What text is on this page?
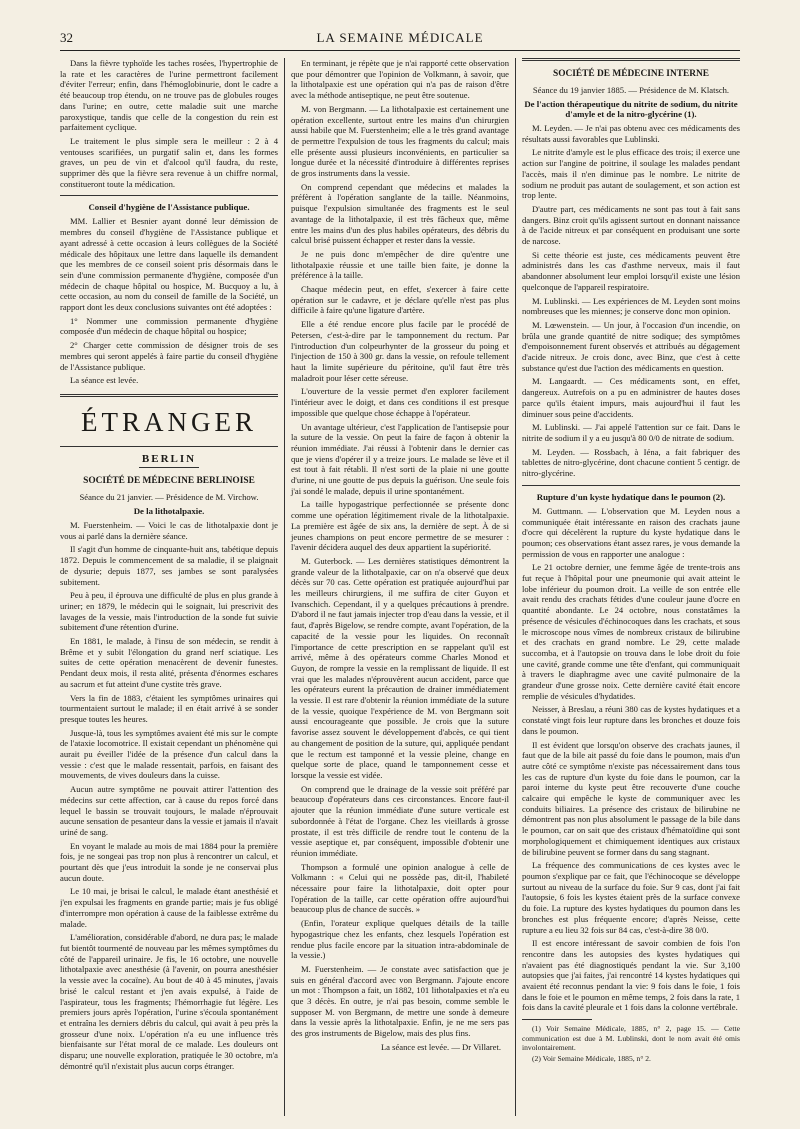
32	LA SEMAINE MÉDICALE

Dans la fièvre typhoïde les taches rosées, l'hypertrophie de la rate et les caractères de l'urine permettront facilement d'éviter l'erreur; enfin, dans l'hémoglobinurie, dont le cadre a été beaucoup trop étendu, on ne trouve pas de globules rouges dans l'urine; en outre, cette maladie suit une marche paroxystique, tandis que celle de la congestion du rein est parfaitement cyclique.

Le traitement le plus simple sera le meilleur : 2 à 4 ventouses scarifiées, un purgatif salin et, dans les formes graves, un peu de vin et d'alcool qu'il faudra, du reste, supprimer dès que la fièvre sera revenue à un chiffre normal, constitueront toute la médication.

Conseil d'hygiène de l'Assistance publique.

MM. Lallier et Besnier ayant donné leur démission de membres du conseil d'hygiène de l'Assistance publique et ayant adressé à cette occasion à leurs collègues de la Société médicale des hôpitaux une lettre dans laquelle ils demandent que les membres de ce conseil soient pris désormais dans le sein d'une commission permanente d'hygiène, composée d'un médecin de chaque hôpital ou hospice, M. Bucquoy a lu, à cette occasion, au nom du conseil de famille de la Société, un rapport dont les deux conclusions suivantes ont été adoptées :

1° Nommer une commission permanente d'hygiène composée d'un médecin de chaque hôpital ou hospice;

2° Charger cette commission de désigner trois de ses membres qui seront appelés à faire partie du conseil d'hygiène de l'Assistance publique.

La séance est levée.

ÉTRANGER
BERLIN
SOCIÉTÉ DE MÉDECINE BERLINOISE
Séance du 21 janvier. — Présidence de M. Virchow.
De la lithotalpaxie.

M. Fuerstenheim. — Voici le cas de lithotalpaxie dont je vous ai parlé dans la dernière séance.

Il s'agit d'un homme de cinquante-huit ans, tabétique depuis 1872. Depuis le commencement de sa maladie, il se plaignait de dysurie; depuis 1877, ses jambes se sont paralysées subitement.

Peu à peu, il éprouva une difficulté de plus en plus grande à uriner; en 1879, le médecin qui le soignait, lui prescrivit des lavages de la vessie, mais l'introduction de la sonde fut suivie subitement d'une rétention d'urine.

En 1881, le malade, à l'insu de son médecin, se rendit à Brême et y subit l'élongation du grand nerf sciatique. Les suites de cette opération menacèrent de devenir funestes. Pendant deux mois, il resta alité, présenta d'énormes eschares au sacrum et fut atteint d'une cystite très grave.

Vers la fin de 1883, c'étaient les symptômes urinaires qui tourmentaient surtout le malade; il en était arrivé à se sonder presque toutes les heures.

Jusque-là, tous les symptômes avaient été mis sur le compte de l'ataxie locomotrice. Il existait cependant un phénomène qui aurait pu éveiller l'idée de la présence d'un calcul dans la vessie : c'est que le malade ressentait, parfois, en faisant des mouvements, de vives douleurs dans la cuisse.

Aucun autre symptôme ne pouvait attirer l'attention des médecins sur cette affection, car à cause du repos forcé dans lequel le bassin se trouvait toujours, le malade n'éprouvait aucune sensation de pesanteur dans la vessie et jamais il n'avait uriné de sang.

En voyant le malade au mois de mai 1884 pour la première fois, je ne songeai pas trop non plus à rencontrer un calcul, et pourtant dès que j'eus introduit la sonde je ne conservai plus aucun doute.

Le 10 mai, je brisai le calcul, le malade étant anesthésié et j'en expulsai les fragments en grande partie; mais je fus obligé d'interrompre mon opération à cause de la faiblesse extrême du malade.

L'amélioration, considérable d'abord, ne dura pas; le malade fut bientôt tourmenté de nouveau par les mêmes symptômes du côté de l'appareil urinaire. Je fis, le 16 octobre, une nouvelle lithotalpaxie avec anesthésie (à l'avenir, on pourra anesthésier la vessie avec la cocaïne). Au bout de 40 à 45 minutes, j'avais brisé le calcul restant et j'en avais expulsé, à l'aide de l'aspirateur, tous les fragments; l'hémorrhagie fut légère. Les premiers jours après l'opération, l'urine s'écoula spontanément et entraîna les derniers débris du calcul, qui avait à peu près la grosseur d'une noix. L'opération n'a eu une influence très bienfaisante sur l'état moral de ce malade. Les douleurs ont disparu; une nouvelle exploration, pratiquée le 30 octobre, m'a démontré qu'il n'existait plus aucun corps étranger.

En terminant, je répète que je n'ai rapporté cette observation que pour démontrer que l'opinion de Volkmann, à savoir, que la lithotalpaxie est une opération qui n'a pas de raison d'être avec la méthode antiseptique, ne peut être soutenue.

M. von Bergmann. — La lithotalpaxie est certainement une opération excellente, surtout entre les mains d'un chirurgien aussi habile que M. Fuerstenheim; elle a le très grand avantage de permettre l'expulsion de tous les fragments du calcul; mais elle présente aussi plusieurs inconvénients, en particulier sa longue durée et la nécessité d'introduire à différentes reprises de gros instruments dans la vessie.

On comprend cependant que médecins et malades la préfèrent à l'opération sanglante de la taille. Néanmoins, puisque l'expulsion simultanée des fragments est le seul avantage de la lithotalpaxie, il est très fâcheux que, même entre les mains d'un des plus habiles opérateurs, des débris du calcul brisé puissent échapper et rester dans la vessie.

Je ne puis donc m'empêcher de dire qu'entre une lithotalpaxie réussie et une taille bien faite, je donne la préférence à la taille.

Chaque médecin peut, en effet, s'exercer à faire cette opération sur le cadavre, et je déclare qu'elle n'est pas plus difficile à faire qu'une ligature d'artère.

Elle a été rendue encore plus facile par le procédé de Petersen, c'est-à-dire par le tamponnement du rectum. Par l'introduction d'un colpeurhynter de la grosseur du poing et l'injection de 150 à 300 gr. dans la vessie, on refoule tellement haut la limite supérieure du péritoine, qu'il faut être très maladroit pour léser cette séreuse.

L'ouverture de la vessie permet d'en explorer facilement l'intérieur avec le doigt, et dans ces conditions il est presque impossible que quelque chose échappe à l'opérateur.

Un avantage ultérieur, c'est l'application de l'antisepsie pour la suture de la vessie. On peut la faire de façon à obtenir la réunion immédiate. J'ai réussi à l'obtenir dans le dernier cas que je viens d'opérer il y a treize jours. Le malade se lève et il est tout à fait rétabli. Il n'est sorti de la plaie ni une goutte d'urine, ni une goutte de pus depuis la guérison. Une seule fois j'ai sondé le malade, depuis il urine spontanément.

La taille hypogastrique perfectionnée se présente donc comme une opération légitimement rivale de la lithotalpaxie. La première est âgée de six ans, la dernière de sept. À de si jeunes champions on peut encore permettre de se mesurer : l'avenir décidera auquel des deux appartient la supériorité.

M. Guterbock. — Les dernières statistiques démontrent la grande valeur de la lithotalpaxie, car on n'a observé que deux décès sur 70 cas. Cette opération est pratiquée aujourd'hui par les meilleurs chirurgiens, il me suffira de citer Guyon et Ivanschich. Cependant, il y a quelques précautions à prendre. D'abord il ne faut jamais injecter trop d'eau dans la vessie, et il faut, d'après Bigelow, se rendre compte, avant l'opération, de la capacité de la vessie pour les liquides. On reconnaît l'importance de cette prescription en se rappelant qu'il est arrivé, même à des opérateurs comme Charles Monod et Guyon, de rompre la vessie en la remplissant de liquide. Il est vrai que les malades n'éprouvèrent aucun accident, parce que les opérateurs eurent la précaution de drainer immédiatement la vessie. Il est rare d'obtenir la réunion immédiate de la suture de la vessie, quoique l'expérience de M. von Bergmann soit aussi encourageante que possible. Je crois que la suture favorise assez souvent le développement d'abcès, ce qui tient au changement de position de la suture, qui, appliquée pendant que le rectum est tamponné et la vessie pleine, change en quelque sorte de place, quand le tamponnement cesse et lorsque la vessie est vidée.

On comprend que le drainage de la vessie soit préféré par beaucoup d'opérateurs dans ces circonstances. Encore faut-il ajouter que la réunion immédiate d'une suture verticale est subordonnée à l'état de l'organe. Chez les vieillards à grosse prostate, il est très difficile de rendre tout le contenu de la vessie aseptique et, par conséquent, impossible d'obtenir une réunion immédiate.

Thompson a formulé une opinion analogue à celle de Volkmann : « Celui qui ne possède pas, dit-il, l'habileté nécessaire pour faire la lithotalpaxie, doit opter pour l'opération de la taille, car cette opération offre aujourd'hui beaucoup plus de chance de succès. »

(Enfin, l'orateur explique quelques détails de la taille hypogastrique chez les enfants, chez lesquels l'opération est rendue plus facile encore par la situation intra-abdominale de la vessie.)

M. Fuerstenheim. — Je constate avec satisfaction que je suis en général d'accord avec von Bergmann. J'ajoute encore un mot : Thompson a fait, un 1882, 101 lithotalpaxies et n'a eu que 3 décès. En outre, je n'ai pas besoin, comme semble le supposer M. von Bergmann, de mettre une sonde à demeure dans la vessie après la lithotalpaxie. Enfin, je ne me sers pas des gros instruments de Bigelow, mais des plus fins.

La séance est levée. — Dr Villaret.

SOCIÉTÉ DE MÉDECINE INTERNE
Séance du 19 janvier 1885. — Présidence de M. Klatsch.
De l'action thérapeutique du nitrite de sodium, du nitrite d'amyle et de la nitro-glycérine (1).

M. Leyden. — Je n'ai pas obtenu avec ces médicaments des résultats aussi favorables que Lublinski.

Le nitrite d'amyle est le plus efficace des trois; il exerce une action sur l'angine de poitrine, il soulage les malades pendant l'accès, mais il n'en diminue pas le nombre. Le nitrite de sodium ne produit pas autant de soulagement, et son action est trop lente.

D'autre part, ces médicaments ne sont pas tout à fait sans dangers. Binz croit qu'ils agissent surtout en donnant naissance à de l'acide nitreux et par conséquent en produisant une sorte de narcose.

Si cette théorie est juste, ces médicaments peuvent être administrés dans les cas d'asthme nerveux, mais il faut abandonner absolument leur emploi lorsqu'il existe une lésion quelconque de l'appareil respiratoire.

M. Lublinski. — Les expériences de M. Leyden sont moins nombreuses que les miennes; je conserve donc mon opinion.

M. Lœwenstein. — Un jour, à l'occasion d'un incendie, on brûla une grande quantité de nitre sodique; des symptômes d'empoisonnement furent observés et attribués au dégagement d'acide nitreux. Je crois donc, avec Binz, que c'est à cette substance qu'est due l'action des médicaments en question.

M. Langaardt. — Ces médicaments sont, en effet, dangereux. Autrefois on a pu en administrer de hautes doses parce qu'ils étaient impurs, mais aujourd'hui il faut les diminuer sous peine d'accidents.

M. Lublinski. — J'ai appelé l'attention sur ce fait. Dans le nitrite de sodium il y a eu jusqu'à 80 0/0 de nitrate de sodium.

M. Leyden. — Rossbach, à Iéna, a fait fabriquer des tablettes de nitro-glycérine, dont chacune contient 5 centigr. de nitro-glycérine.

Rupture d'un kyste hydatique dans le poumon (2).

M. Guttmann. — L'observation que M. Leyden nous a communiquée était intéressante en raison des crachats jaune d'ocre qui décelèrent la rupture du kyste hydatique dans le poumon; ces observations étant assez rares, je vous demande la permission de vous en rapporter une analogue :

Le 21 octobre dernier, une femme âgée de trente-trois ans fut reçue à l'hôpital pour une pneumonie qui avait atteint le lobe inférieur du poumon droit. La veille de son entrée elle avait rendu des crachats fétides d'une couleur jaune d'ocre en quantité abondante. Le 24 octobre, nous constatâmes la présence de vésicules d'échinocoques dans les crachats, et sous le microscope nous vîmes de nombreux cristaux de bilirubine et des crachats en grand nombre. Le 29, cette malade succomba, et à l'autopsie on trouva dans le lobe droit du foie une cavité, grande comme une tête d'enfant, qui communiquait à travers le diaphragme avec une cavité pulmonaire de la grandeur d'une grosse noix. Cette dernière cavité était encore remplie de vésicules d'hydatides.

Neisser, à Breslau, a réuni 380 cas de kystes hydatiques et a constaté vingt fois leur rupture dans les bronches et douze fois dans le poumon.

Il est évident que lorsqu'on observe des crachats jaunes, il faut que de la bile ait passé du foie dans le poumon, mais d'un autre côté ce symptôme n'existe pas nécessairement dans tous les cas de rupture d'un kyste du foie dans le poumon, car la paroi interne du kyste peut être recouverte d'une couche calcaire qui empêche le kyste de communiquer avec les conduits biliaires. La présence des cristaux de bilirubine ne démontrent pas non plus absolument le passage de la bile dans le poumon, car on sait que des cristaux d'hématoïdine qui sont morphologiquement et chimiquement identiques aux cristaux de bilirubine peuvent se former dans du sang stagnant.

La fréquence des communications de ces kystes avec le poumon s'explique par ce fait, que l'échinocoque se développe surtout au niveau de la surface du foie. Sur 9 cas, dont j'ai fait l'autopsie, 6 fois les kystes étaient près de la surface convexe du foie. La rupture des kystes hydatiques du poumon dans les bronches est plus fréquente encore; d'après Neisse, cette rupture a eu lieu 32 fois sur 84 cas, c'est-à-dire 38 0/0.

Il est encore intéressant de savoir combien de fois l'on rencontre dans les autopsies des kystes hydatiques qui n'avaient pas été diagnostiqués pendant la vie. Sur 3,100 autopsies que j'ai faites, j'ai rencontré 14 kystes hydatiques qui avaient été reconnus pendant la vie: 9 fois dans le foie, 1 fois dans le foie et le poumon en même temps, 2 fois dans la rate, 1 fois dans la cavité pleurale et 1 fois dans la colonne vertébrale.

(1) Voir Semaine Médicale, 1885, n° 2, page 15. — Cette communication est due à M. Lublinski, dont le nom avait été omis involontairement.

(2) Voir Semaine Médicale, 1885, n° 2.
